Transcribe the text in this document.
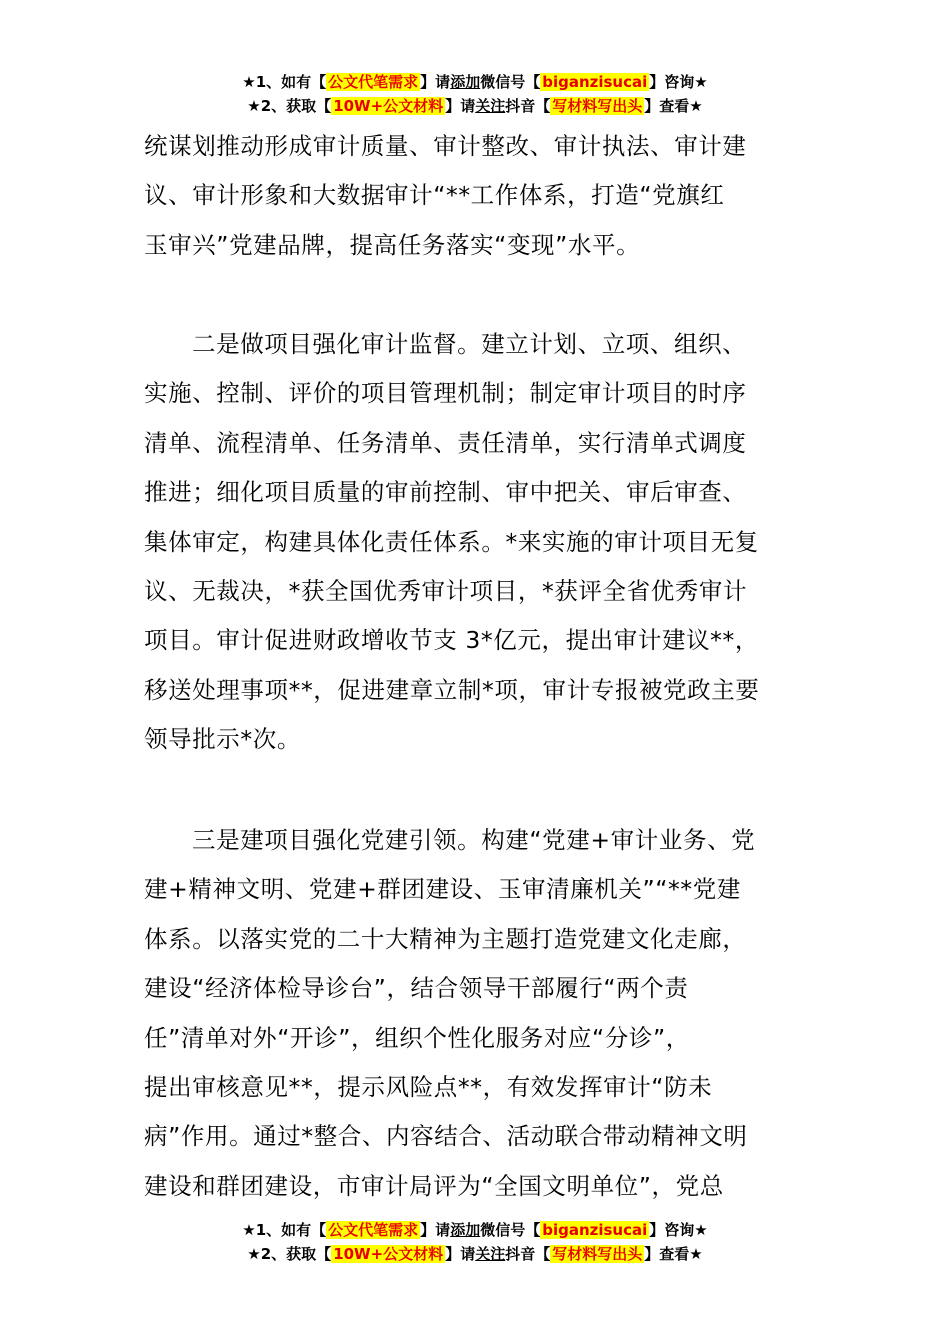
★1、如有【 公文代笔需求 】请添加微信号【 biganzisucai 】咨询★
★2、获取【 10W+公文材料 】请关注抖音【 写材料写出头 】查看★
统谋划推动形成审计质量、审计整改、审计执法、审计建
议、审计形象和大数据审计“**工作体系，打造“党旗红
玉审兴”党建品牌，提高任务落实“变现”水平。
二是做项目强化审计监督。建立计划、立项、组织、
实施、控制、评价的项目管理机制；制定审计项目的时序
清单、流程清单、任务清单、责任清单，实行清单式调度
推进；细化项目质量的审前控制、审中把关、审后审查、
集体审定，构建具体化责任体系。*来实施的审计项目无复
议、无裁决，*获全国优秀审计项目，*获评全省优秀审计
项目。审计促进财政增收节支 3*亿元，提出审计建议**，
移送处理事项**，促进建章立制*项，审计专报被党政主要
领导批示*次。
三是建项目强化党建引领。构建“党建+审计业务、党
建+精神文明、党建+群团建设、玉审清廉机关”“**党建
体系。以落实党的二十大精神为主题打造党建文化走廊，
建设“经济体检导诊台”，结合领导干部履行“两个责
任”清单对外“开诊”，组织个性化服务对应“分诊”，
提出审核意见**，提示风险点**，有效发挥审计“防未
病”作用。通过*整合、内容结合、活动联合带动精神文明
建设和群团建设，市审计局评为“全国文明单位”，党总
★1、如有【 公文代笔需求 】请添加微信号【 biganzisucai 】咨询★
★2、获取【 10W+公文材料 】请关注抖音【 写材料写出头 】查看★
